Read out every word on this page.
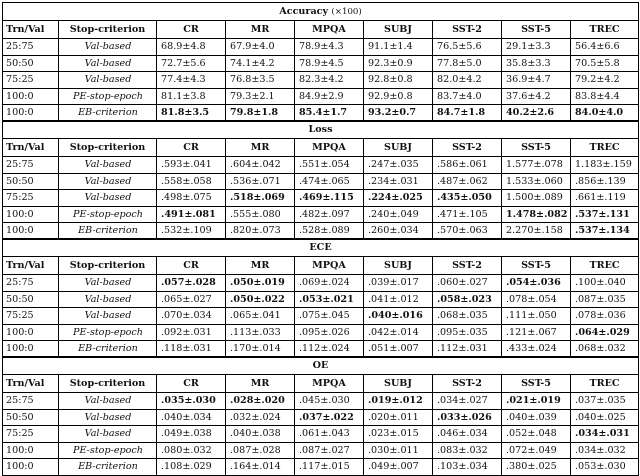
Accuracy (×100)								
Trn/Val	Stop-criterion	CR	MR	MPQA	SUBJ	SST-2	SST-5	TREC
25:75	Val-based	68.9±4.8	67.9±4.0	78.9±4.3	91.1±1.4	76.5±5.6	29.1±3.3	56.4±6.6
50:50	Val-based	72.7±5.6	74.1±4.2	78.9±4.5	92.3±0.9	77.8±5.0	35.8±3.3	70.5±5.8
75:25	Val-based	77.4±4.3	76.8±3.5	82.3±4.2	92.8±0.8	82.0±4.2	36.9±4.7	79.2±4.2
100:0	PE-stop-epoch	81.1±3.8	79.3±2.1	84.9±2.9	92.9±0.8	83.7±4.0	37.6±4.2	83.8±4.4
100:0	EB-criterion	81.8±3.5	79.8±1.8	85.4±1.7	93.2±0.7	84.7±1.8	40.2±2.6	84.0±4.0
Loss								
Trn/Val	Stop-criterion	CR	MR	MPQA	SUBJ	SST-2	SST-5	TREC
25:75	Val-based	.593±.041	.604±.042	.551±.054	.247±.035	.586±.061	1.577±.078	1.183±.159
50:50	Val-based	.558±.058	.536±.071	.474±.065	.234±.031	.487±.062	1.533±.060	.856±.139
75:25	Val-based	.498±.075	.518±.069	.469±.115	.224±.025	.435±.050	1.500±.089	.661±.119
100:0	PE-stop-epoch	.491±.081	.555±.080	.482±.097	.240±.049	.471±.105	1.478±.082	.537±.131
100:0	EB-criterion	.532±.109	.820±.073	.528±.089	.260±.034	.570±.063	2.270±.158	.537±.134
ECE								
Trn/Val	Stop-criterion	CR	MR	MPQA	SUBJ	SST-2	SST-5	TREC
25:75	Val-based	.057±.028	.050±.019	.069±.024	.039±.017	.060±.027	.054±.036	.100±.040
50:50	Val-based	.065±.027	.050±.022	.053±.021	.041±.012	.058±.023	.078±.054	.087±.035
75:25	Val-based	.070±.034	.065±.041	.075±.045	.040±.016	.068±.035	.111±.050	.078±.036
100:0	PE-stop-epoch	.092±.031	.113±.033	.095±.026	.042±.014	.095±.035	.121±.067	.064±.029
100:0	EB-criterion	.118±.031	.170±.014	.112±.024	.051±.007	.112±.031	.433±.024	.068±.032
OE								
Trn/Val	Stop-criterion	CR	MR	MPQA	SUBJ	SST-2	SST-5	TREC
25:75	Val-based	.035±.030	.028±.020	.045±.030	.019±.012	.034±.027	.021±.019	.037±.035
50:50	Val-based	.040±.034	.032±.024	.037±.022	.020±.011	.033±.026	.040±.039	.040±.025
75:25	Val-based	.049±.038	.040±.038	.061±.043	.023±.015	.046±.034	.052±.048	.034±.031
100:0	PE-stop-epoch	.080±.032	.087±.028	.087±.027	.030±.011	.083±.032	.072±.049	.034±.032
100:0	EB-criterion	.108±.029	.164±.014	.117±.015	.049±.007	.103±.034	.380±.025	.053±.030
